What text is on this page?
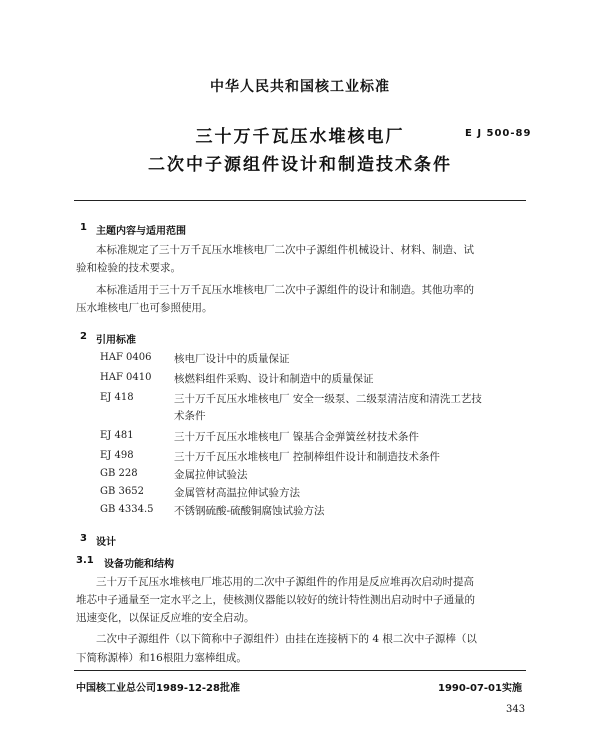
中华人民共和国核工业标准
三十万千瓦压水堆核电厂
二次中子源组件设计和制造技术条件
E J 500-89
1 主题内容与适用范围
本标准规定了三十万千瓦压水堆核电厂二次中子源组件机械设计、材料、制造、试
验和检验的技术要求。
本标准适用于三十万千瓦压水堆核电厂二次中子源组件的设计和制造。其他功率的
压水堆核电厂也可参照使用。
2 引用标准
HAF 0406 核电厂设计中的质量保证
HAF 0410 核燃料组件采购、设计和制造中的质量保证
EJ 418	三十万千瓦压水堆核电厂 安全一级泵、二级泵清洁度和清洗工艺技
术条件
EJ 481	三十万千瓦压水堆核电厂 镍基合金弹簧丝材技术条件
EJ 498	三十万千瓦压水堆核电厂 控制棒组件设计和制造技术条件
GB 228	金属拉伸试验法
GB 3652	金属管材高温拉伸试验方法
GB 4334.5 不锈钢硫酸-硫酸铜腐蚀试验方法
3 设计
3.1 设备功能和结构
三十万千瓦压水堆核电厂堆芯用的二次中子源组件的作用是反应堆再次启动时提高
堆芯中子通量至一定水平之上，使核测仪器能以较好的统计特性测出启动时中子通量的
迅速变化，以保证反应堆的安全启动。
二次中子源组件（以下简称中子源组件）由挂在连接柄下的 4 根二次中子源棒（以
下简称源棒）和16根阻力塞棒组成。
中国核工业总公司1989-12-28批准	1990-07-01实施
343
